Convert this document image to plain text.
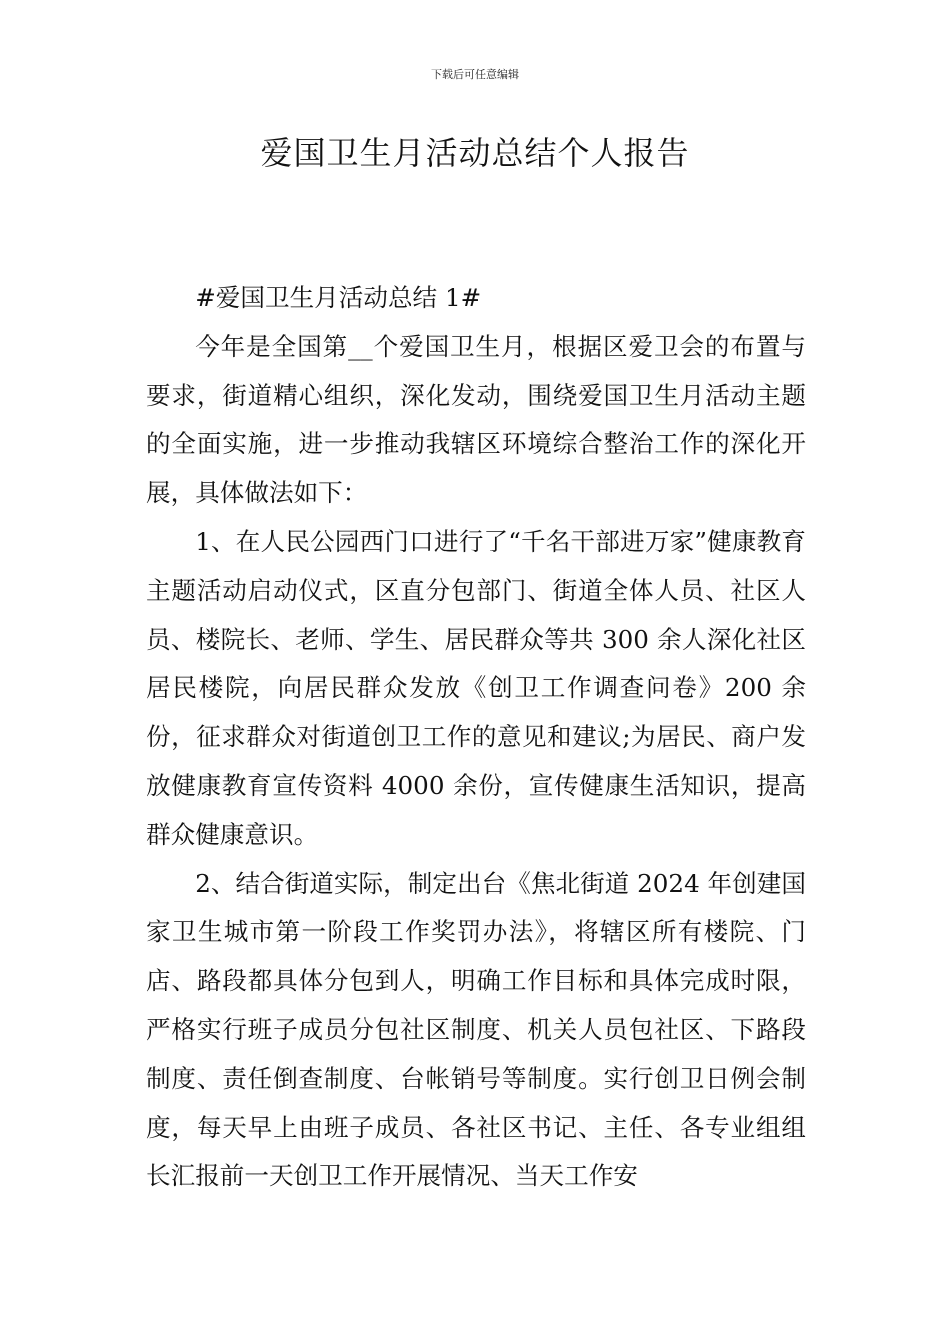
下载后可任意编辑
爱国卫生月活动总结个人报告

#爱国卫生月活动总结 1#

今年是全国第__个爱国卫生月，根据区爱卫会的布置与要求，街道精心组织，深化发动，围绕爱国卫生月活动主题的全面实施，进一步推动我辖区环境综合整治工作的深化开展，具体做法如下：

1、在人民公园西门口进行了“千名干部进万家”健康教育主题活动启动仪式，区直分包部门、街道全体人员、社区人员、楼院长、老师、学生、居民群众等共 300 余人深化社区居民楼院，向居民群众发放《创卫工作调查问卷》200 余份，征求群众对街道创卫工作的意见和建议;为居民、商户发放健康教育宣传资料 4000 余份，宣传健康生活知识，提高群众健康意识。

2、结合街道实际，制定出台《焦北街道 2024 年创建国家卫生城市第一阶段工作奖罚办法》，将辖区所有楼院、门店、路段都具体分包到人，明确工作目标和具体完成时限，严格实行班子成员分包社区制度、机关人员包社区、下路段制度、责任倒查制度、台帐销号等制度。实行创卫日例会制度，每天早上由班子成员、各社区书记、主任、各专业组组长汇报前一天创卫工作开展情况、当天工作安
